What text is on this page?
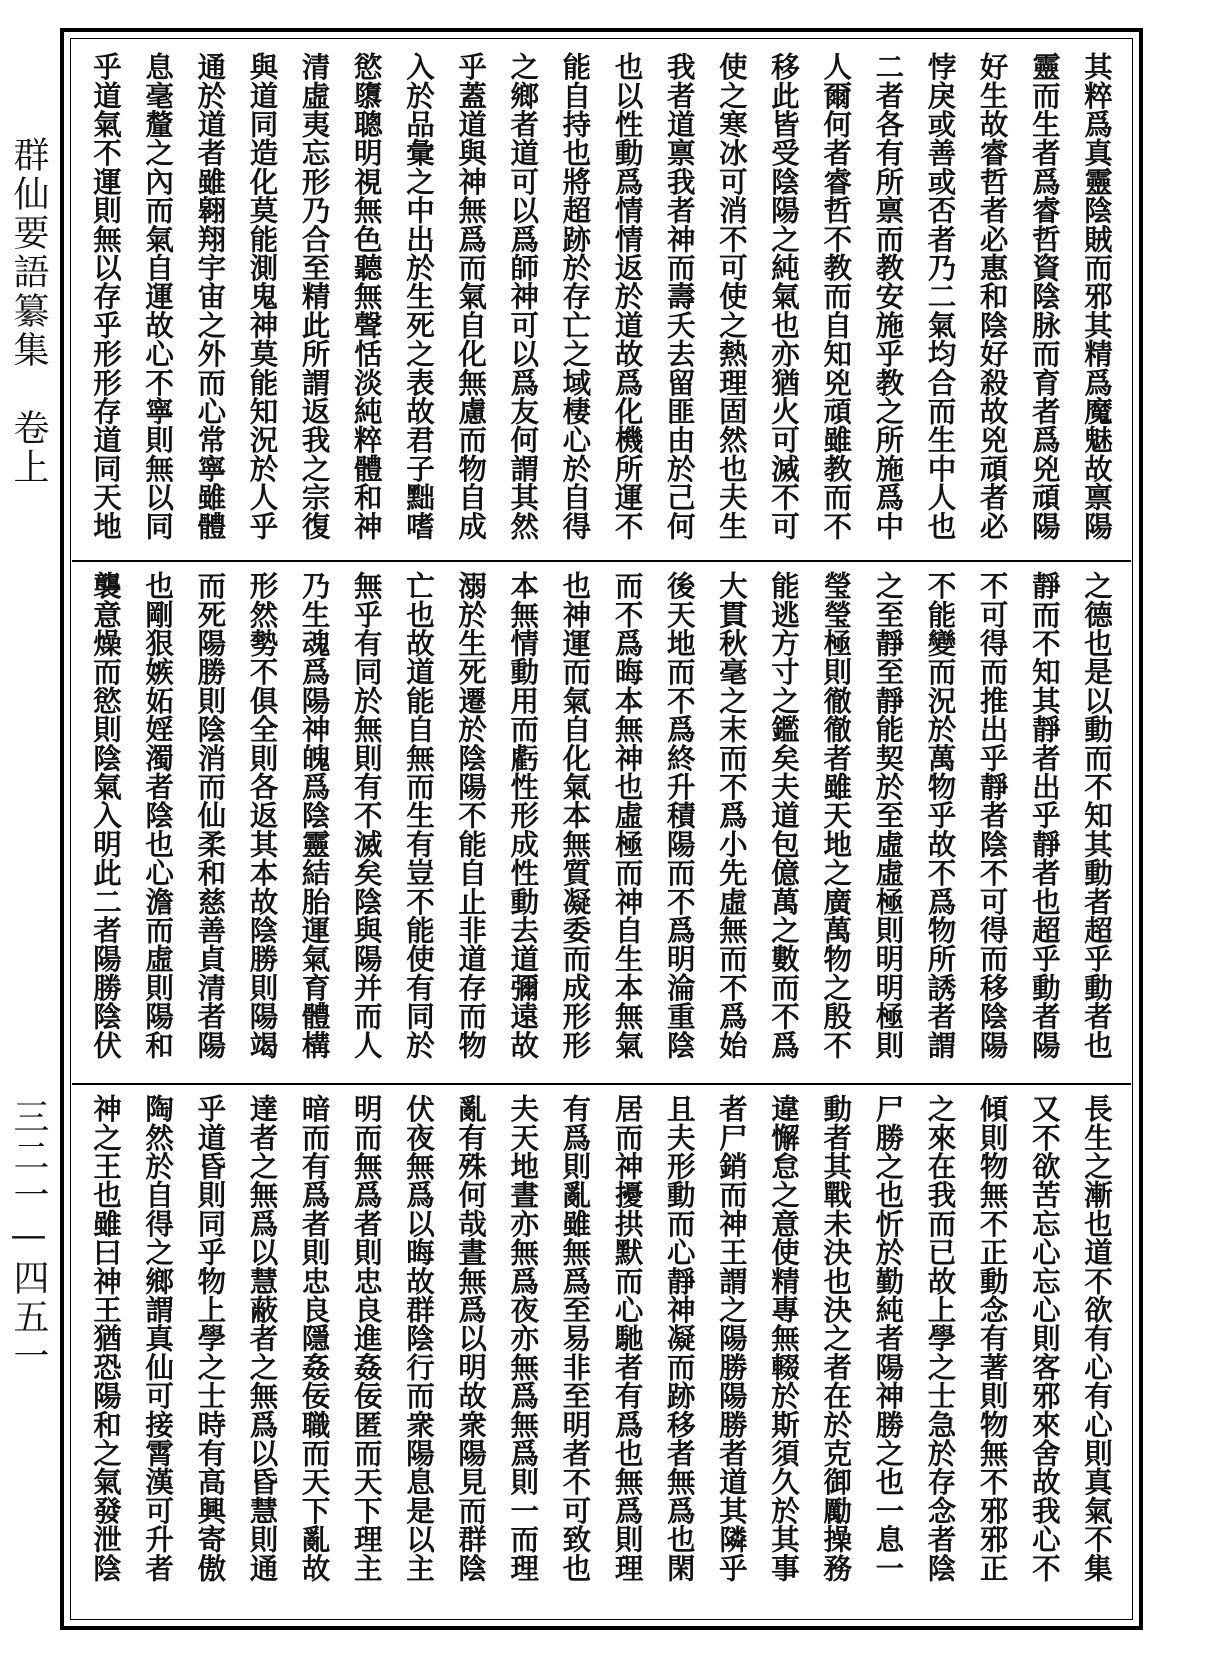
群仙要語纂集　卷上
三二一—四五一
其粹爲真靈陰賊而邪其精爲魔魅故禀陽
靈而生者爲睿哲資陰脉而育者爲兇頑陽
好生故睿哲者必惠和陰好殺故兇頑者必
悖戾或善或否者乃二氣均合而生中人也
二者各有所禀而教安施乎教之所施爲中
人爾何者睿哲不教而自知兇頑雖教而不
移此皆受陰陽之純氣也亦猶火可滅不可
使之寒冰可消不可使之熱理固然也夫生
我者道禀我者神而壽夭去留匪由於己何
也以性動爲情情返於道故爲化機所運不
能自持也將超跡於存亡之域棲心於自得
之鄉者道可以爲師神可以爲友何謂其然
乎蓋道與神無爲而氣自化無慮而物自成
入於品彙之中出於生死之表故君子黜嗜
慾隳聰明視無色聽無聲恬淡純粹體和神
清虛夷忘形乃合至精此所謂返我之宗復
與道同造化莫能測鬼神莫能知況於人乎
通於道者雖翱翔宇宙之外而心常寧雖體
息毫釐之內而氣自運故心不寧則無以同
乎道氣不運則無以存乎形形存道同天地
之德也是以動而不知其動者超乎動者也
靜而不知其靜者出乎靜者也超乎動者陽
不可得而推出乎靜者陰不可得而移陰陽
不能變而況於萬物乎故不爲物所誘者謂
之至靜至靜能契於至虛虛極則明明極則
瑩瑩極則徹徹者雖天地之廣萬物之殷不
能逃方寸之鑑矣夫道包億萬之數而不爲
大貫秋毫之末而不爲小先虛無而不爲始
後天地而不爲終升積陽而不爲明淪重陰
而不爲晦本無神也虛極而神自生本無氣
也神運而氣自化氣本無質凝委而成形形
本無情動用而虧性形成性動去道彌遠故
溺於生死遷於陰陽不能自止非道存而物
亡也故道能自無而生有豈不能使有同於
無乎有同於無則有不滅矣陰與陽并而人
乃生魂爲陽神魄爲陰靈結胎運氣育體構
形然勢不俱全則各返其本故陰勝則陽竭
而死陽勝則陰消而仙柔和慈善貞清者陽
也剛狠嫉妬婬濁者陰也心澹而虛則陽和
襲意燥而慾則陰氣入明此二者陽勝陰伏
長生之漸也道不欲有心有心則真氣不集
又不欲苦忘心忘心則客邪來舍故我心不
傾則物無不正動念有著則物無不邪邪正
之來在我而已故上學之士急於存念者陰
尸勝之也忻於勤純者陽神勝之也一息一
動者其戰未決也決之者在於克御勵操務
違懈怠之意使精專無輟於斯須久於其事
者尸銷而神王謂之陽勝陽勝者道其隣乎
且夫形動而心靜神凝而跡移者無爲也閑
居而神擾拱默而心馳者有爲也無爲則理
有爲則亂雖無爲至易非至明者不可致也
夫天地晝亦無爲夜亦無爲無爲則一而理
亂有殊何哉晝無爲以明故衆陽見而群陰
伏夜無爲以晦故群陰行而衆陽息是以主
明而無爲者則忠良進姦佞匿而天下理主
暗而有爲者則忠良隱姦佞職而天下亂故
達者之無爲以慧蔽者之無爲以昏慧則通
乎道昏則同乎物上學之士時有高興寄傲
陶然於自得之鄉謂真仙可接霄漢可升者
神之王也雖曰神王猶恐陽和之氣發泄陰
